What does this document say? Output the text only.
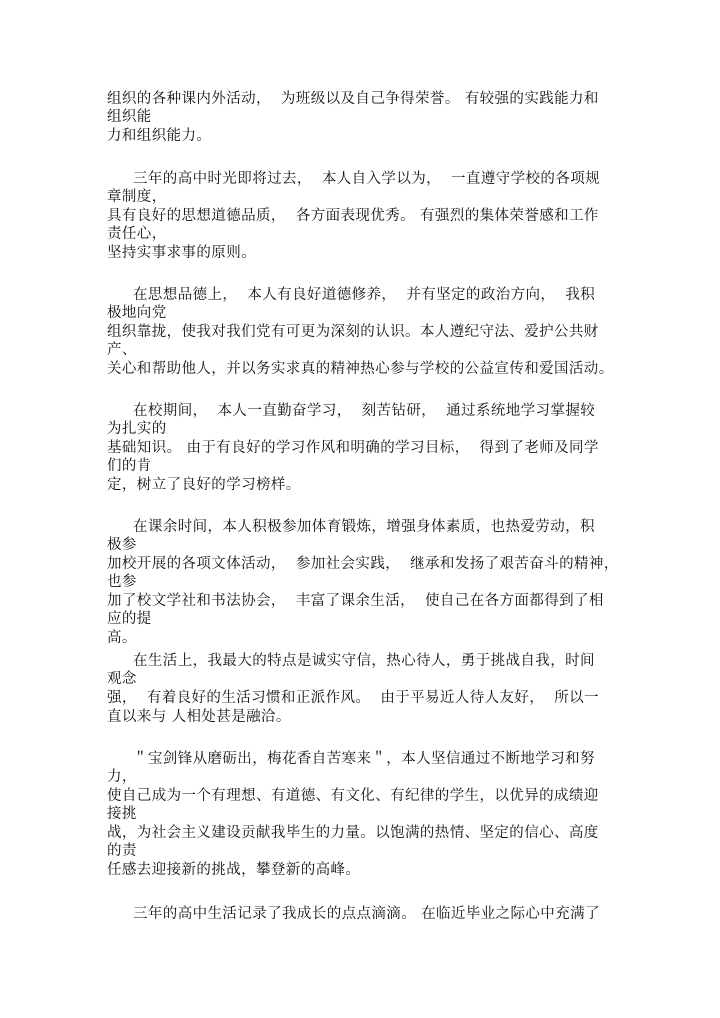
组织的各种课内外活动，  为班级以及自己争得荣誉。 有较强的实践能力和
组织能
力和组织能力。
三年的高中时光即将过去，  本人自入学以为，  一直遵守学校的各项规
章制度，
具有良好的思想道德品质，  各方面表现优秀。 有强烈的集体荣誉感和工作
责任心，
坚持实事求事的原则。
在思想品德上，  本人有良好道德修养，  并有坚定的政治方向，  我积
极地向党
组织靠拢，使我对我们党有可更为深刻的认识。本人遵纪守法、爱护公共财
产、
关心和帮助他人，并以务实求真的精神热心参与学校的公益宣传和爱国活动。
在校期间，  本人一直勤奋学习，  刻苦钻研，  通过系统地学习掌握较
为扎实的
基础知识。 由于有良好的学习作风和明确的学习目标，  得到了老师及同学
们的肯
定，树立了良好的学习榜样。
在课余时间，本人积极参加体育锻炼，增强身体素质，也热爱劳动，积
极参
加校开展的各项文体活动，  参加社会实践，  继承和发扬了艰苦奋斗的精神，
也参
加了校文学社和书法协会，  丰富了课余生活，  使自己在各方面都得到了相
应的提
高。
在生活上，我最大的特点是诚实守信，热心待人，勇于挑战自我，时间
观念
强，  有着良好的生活习惯和正派作风。  由于平易近人待人友好，  所以一
直以来与 人相处甚是融洽。
＂宝剑锋从磨砺出，梅花香自苦寒来＂，本人坚信通过不断地学习和努
力，
使自己成为一个有理想、有道德、有文化、有纪律的学生，以优异的成绩迎
接挑
战，为社会主义建设贡献我毕生的力量。以饱满的热情、坚定的信心、高度
的责
任感去迎接新的挑战，攀登新的高峰。
三年的高中生活记录了我成长的点点滴滴。 在临近毕业之际心中充满了
